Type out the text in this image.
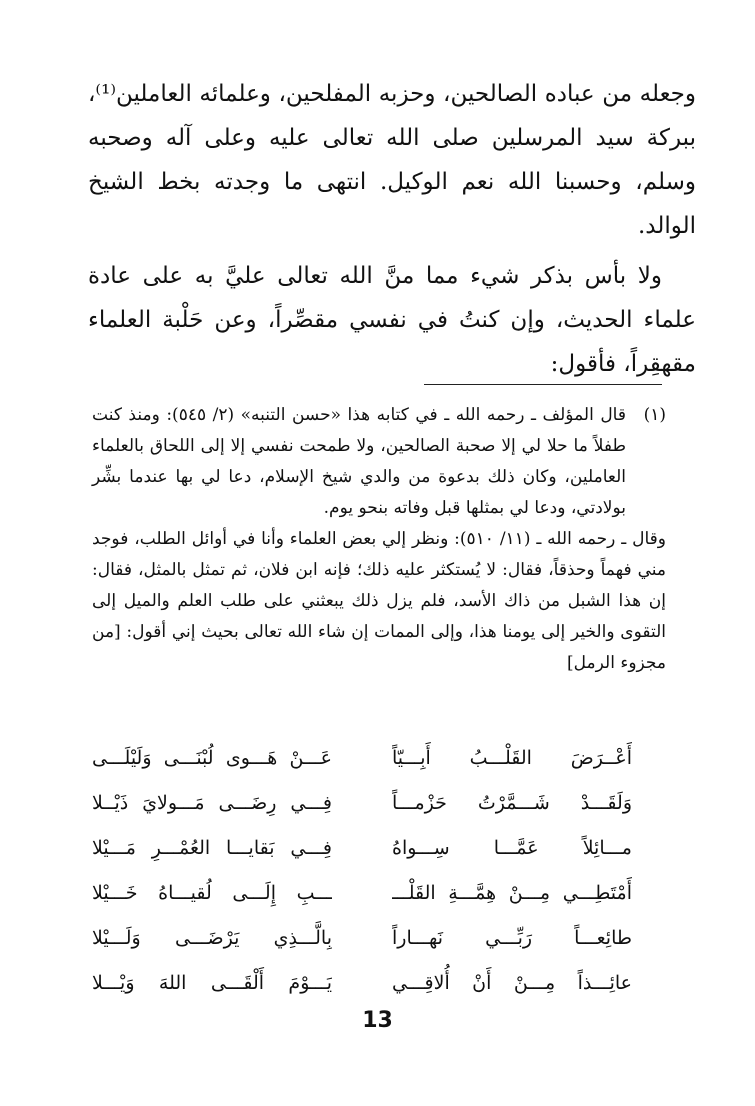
وجعله من عباده الصالحين، وحزبه المفلحين، وعلمائه العاملين⁽¹⁾، ببركة سيد المرسلين صلى الله تعالى عليه وعلى آله وصحبه وسلم، وحسبنا الله نعم الوكيل. انتهى ما وجدته بخط الشيخ الوالد.

ولا بأس بذكر شيء مما منَّ الله تعالى عليَّ به على عادة علماء الحديث، وإن كنتُ في نفسي مقصِّراً، وعن حَلْبة العلماء مقهقِراً، فأقول:

(١)
قال المؤلف ـ رحمه الله ـ في كتابه هذا «حسن التنبه» (٢/ ٥٤٥): ومنذ كنت طفلاً ما حلا لي إلا صحبة الصالحين، ولا طمحت نفسي إلا إلى اللحاق بالعلماء العاملين، وكان ذلك بدعوة من والدي شيخ الإسلام، دعا لي بها عندما بشِّر بولادتي، ودعا لي بمثلها قبل وفاته بنحو يوم.

وقال ـ رحمه الله ـ (١١/ ٥١٠): ونظر إلي بعض العلماء وأنا في أوائل الطلب، فوجد مني فهماً وحذقاً، فقال: لا يُستكثر عليه ذلك؛ فإنه ابن فلان، ثم تمثل بالمثل، فقال: إن هذا الشبل من ذاك الأسد، فلم يزل ذلك يبعثني على طلب العلم والميل إلى التقوى والخير إلى يومنا هذا، وإلى الممات إن شاء الله تعالى بحيث إني أقول: [من مجزوء الرمل]

أَعْــرَضَ القَلْـــبُ أَبِـــيّاً
عَـــنْ هَـــوى لُبْنَـــى وَلَيْلَـــى
وَلَقَـــدْ شَـــمَّرْتُ حَزْمـــاً
فِـــي رِضَـــى مَـــولايَ ذَيْــلا
مـــائِلاً عَمَّـــا سِـــواهُ
فِـــي بَقايـــا العُمْـــرِ مَـــيْلا
أَمْتَطِـــي مِـــنْ هِمَّـــةِ القَلْـــ
ـــبِ إِلَـــى لُقيـــاهُ خَـــيْلا
طائِعـــاً رَبِّـــي نَهـــاراً
بِالَّـــذِي يَرْضَـــى وَلَـــيْلا
عائِـــذاً مِـــنْ أَنْ أُلاقِـــي
يَـــوْمَ أَلْقَـــى اللهَ وَيْـــلا
13
